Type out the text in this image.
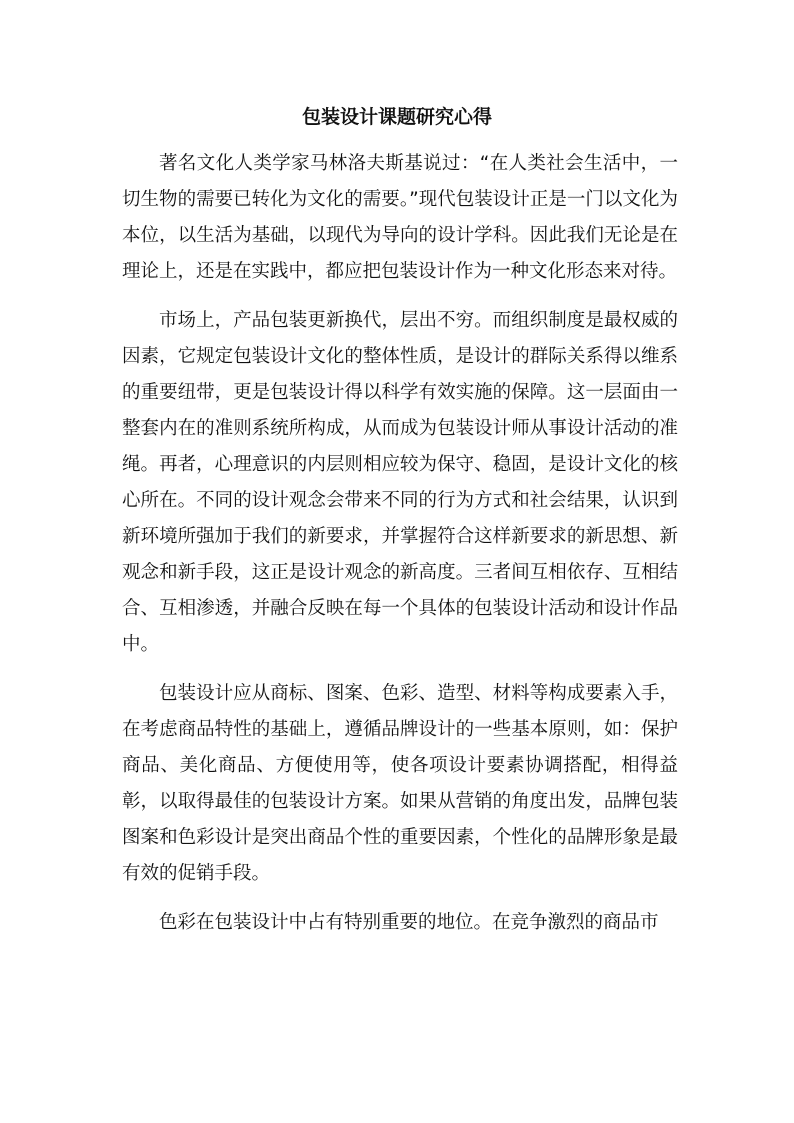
包装设计课题研究心得

著名文化人类学家马林洛夫斯基说过：“在人类社会生活中，一切生物的需要已转化为文化的需要。”现代包装设计正是一门以文化为本位，以生活为基础，以现代为导向的设计学科。因此我们无论是在理论上，还是在实践中，都应把包装设计作为一种文化形态来对待。

市场上，产品包装更新换代，层出不穷。而组织制度是最权威的因素，它规定包装设计文化的整体性质，是设计的群际关系得以维系的重要纽带，更是包装设计得以科学有效实施的保障。这一层面由一整套内在的准则系统所构成，从而成为包装设计师从事设计活动的准绳。再者，心理意识的内层则相应较为保守、稳固，是设计文化的核心所在。不同的设计观念会带来不同的行为方式和社会结果，认识到新环境所强加于我们的新要求，并掌握符合这样新要求的新思想、新观念和新手段，这正是设计观念的新高度。三者间互相依存、互相结合、互相渗透，并融合反映在每一个具体的包装设计活动和设计作品中。

包装设计应从商标、图案、色彩、造型、材料等构成要素入手，在考虑商品特性的基础上，遵循品牌设计的一些基本原则，如：保护商品、美化商品、方便使用等，使各项设计要素协调搭配，相得益彰，以取得最佳的包装设计方案。如果从营销的角度出发，品牌包装图案和色彩设计是突出商品个性的重要因素，个性化的品牌形象是最有效的促销手段。

色彩在包装设计中占有特别重要的地位。在竞争激烈的商品市
